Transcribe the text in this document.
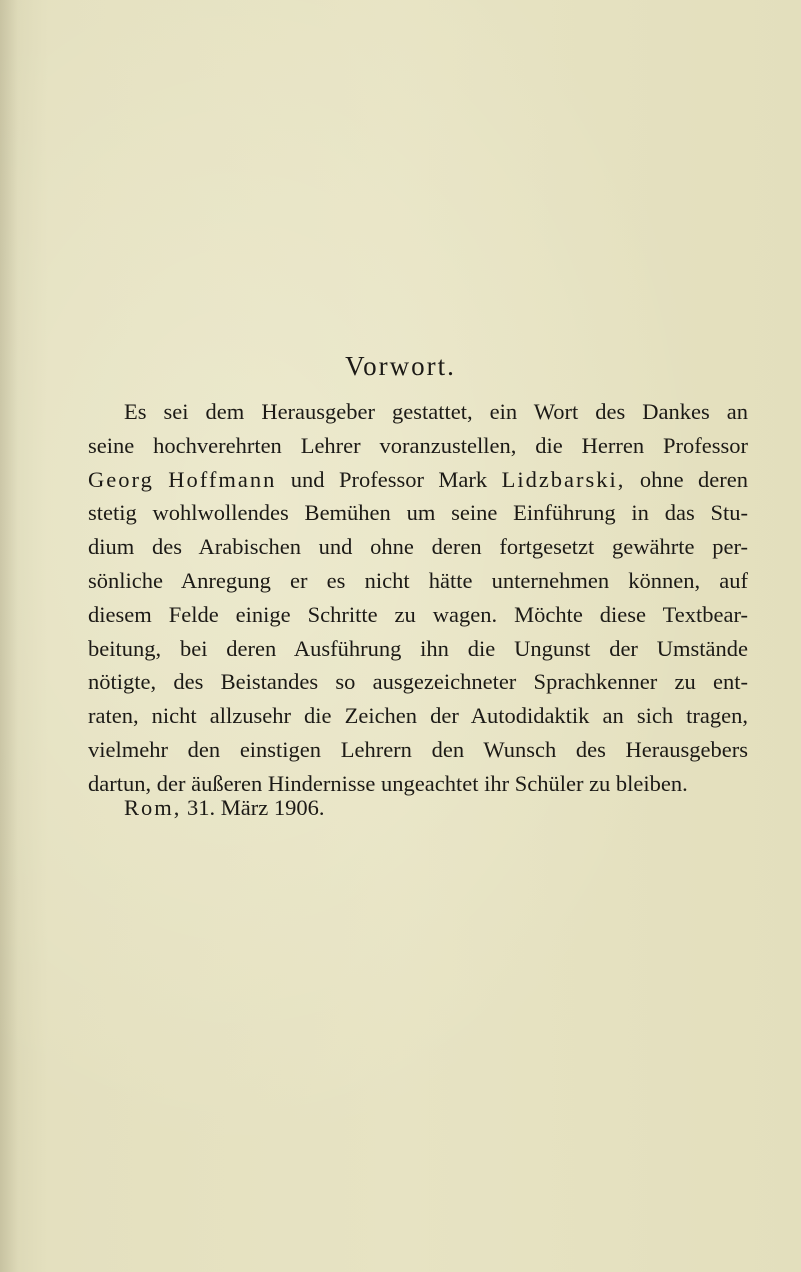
Vorwort.
Es sei dem Herausgeber gestattet, ein Wort des Dankes an
seine hochverehrten Lehrer voranzustellen, die Herren Professor
Georg Hoffmann und Professor Mark Lidzbarski, ohne deren
stetig wohlwollendes Bemühen um seine Einführung in das Stu-
dium des Arabischen und ohne deren fortgesetzt gewährte per-
sönliche Anregung er es nicht hätte unternehmen können, auf
diesem Felde einige Schritte zu wagen. Möchte diese Textbear-
beitung, bei deren Ausführung ihn die Ungunst der Umstände
nötigte, des Beistandes so ausgezeichneter Sprachkenner zu ent-
raten, nicht allzusehr die Zeichen der Autodidaktik an sich tragen,
vielmehr den einstigen Lehrern den Wunsch des Herausgebers
dartun, der äußeren Hindernisse ungeachtet ihr Schüler zu bleiben.
Rom, 31. März 1906.
